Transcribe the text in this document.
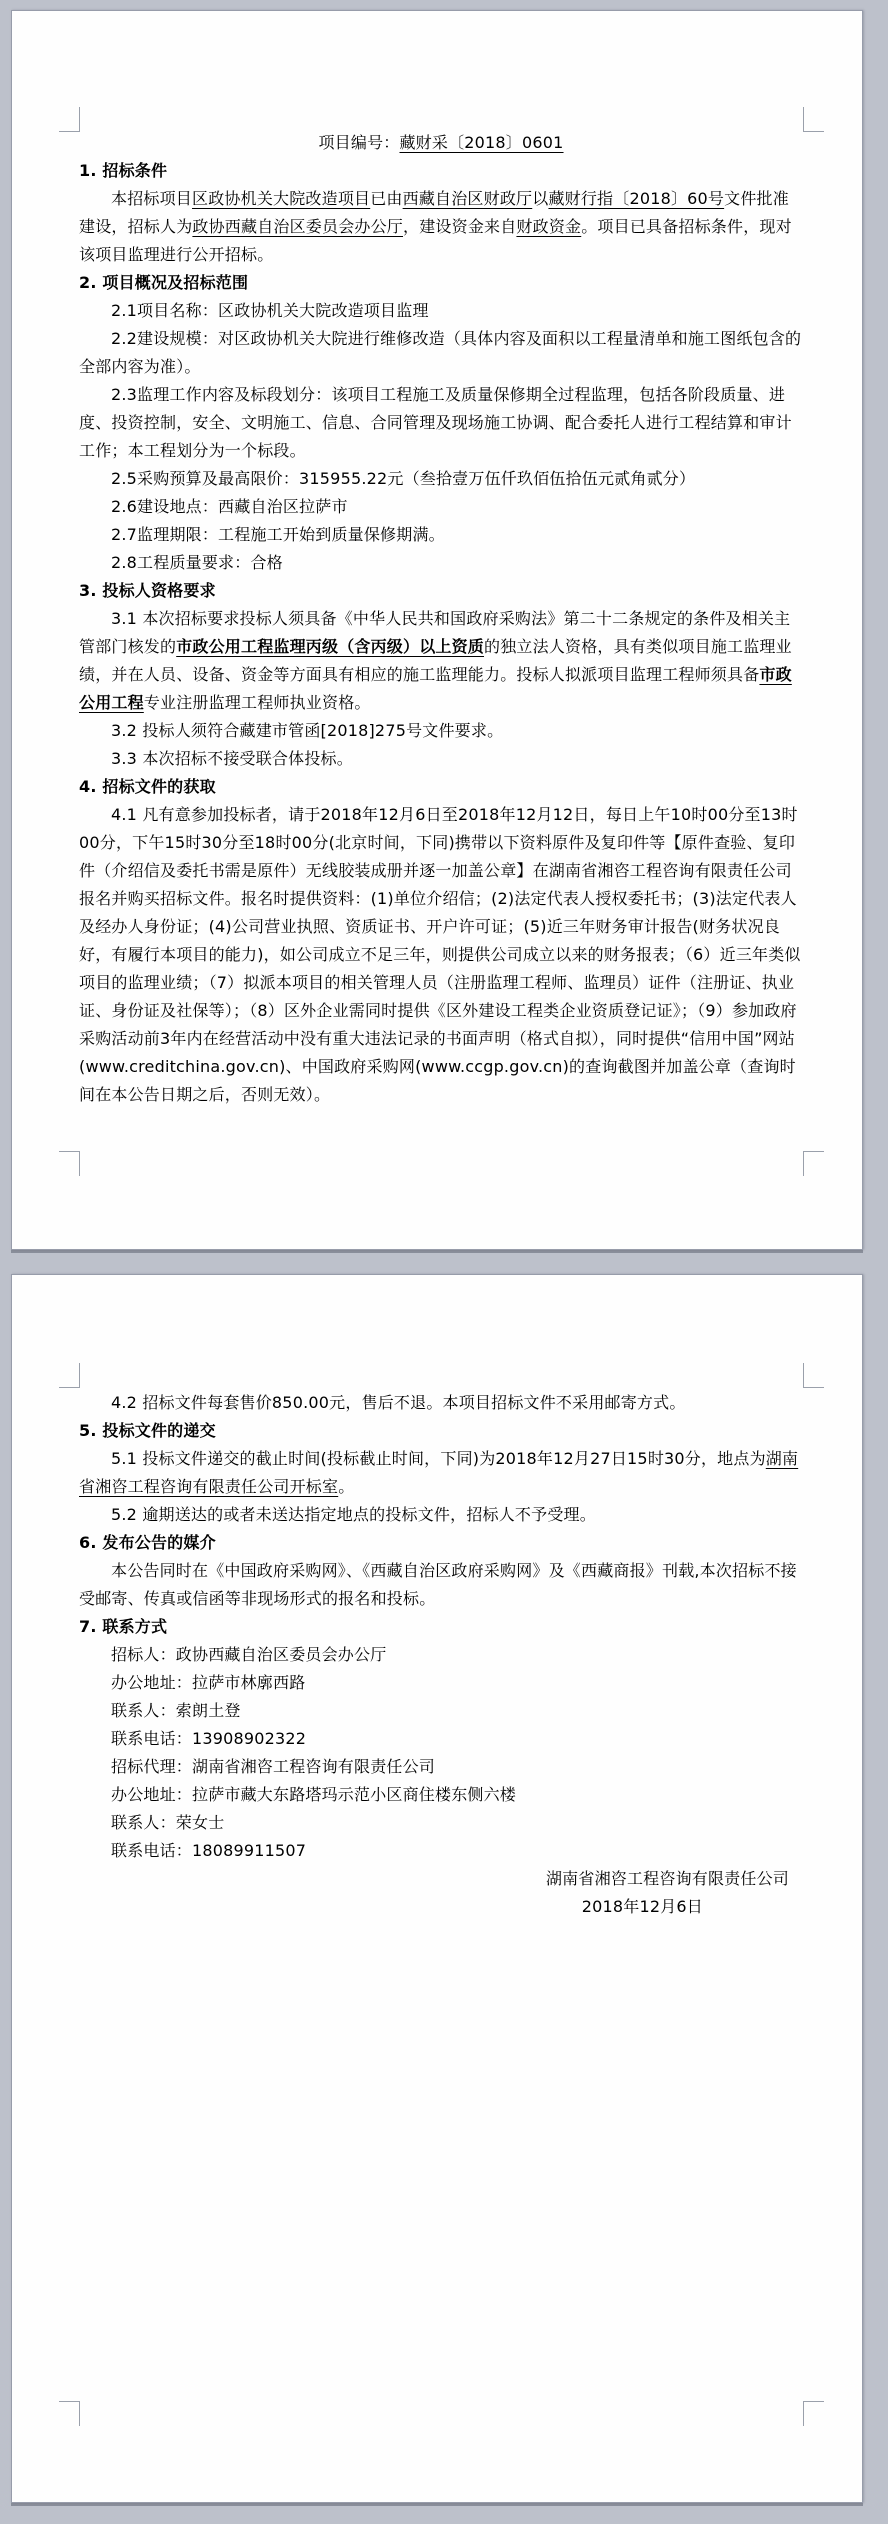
项目编号：藏财采〔2018〕0601
1. 招标条件
本招标项目区政协机关大院改造项目已由西藏自治区财政厅以藏财行指〔2018〕60号文件批准建设，招标人为政协西藏自治区委员会办公厅，建设资金来自财政资金。项目已具备招标条件，现对该项目监理进行公开招标。
2. 项目概况及招标范围
2.1项目名称：区政协机关大院改造项目监理
2.2建设规模：对区政协机关大院进行维修改造（具体内容及面积以工程量清单和施工图纸包含的全部内容为准）。
2.3监理工作内容及标段划分：该项目工程施工及质量保修期全过程监理，包括各阶段质量、进度、投资控制，安全、文明施工、信息、合同管理及现场施工协调、配合委托人进行工程结算和审计工作；本工程划分为一个标段。
2.5采购预算及最高限价：315955.22元（叁拾壹万伍仟玖佰伍拾伍元贰角贰分）
2.6建设地点：西藏自治区拉萨市
2.7监理期限：工程施工开始到质量保修期满。
2.8工程质量要求：合格
3. 投标人资格要求
3.1 本次招标要求投标人须具备《中华人民共和国政府采购法》第二十二条规定的条件及相关主管部门核发的市政公用工程监理丙级（含丙级）以上资质的独立法人资格，具有类似项目施工监理业绩，并在人员、设备、资金等方面具有相应的施工监理能力。投标人拟派项目监理工程师须具备市政公用工程专业注册监理工程师执业资格。
3.2 投标人须符合藏建市管函[2018]275号文件要求。
3.3 本次招标不接受联合体投标。
4. 招标文件的获取
4.1 凡有意参加投标者，请于2018年12月6日至2018年12月12日，每日上午10时00分至13时00分，下午15时30分至18时00分(北京时间，下同)携带以下资料原件及复印件等【原件查验、复印件（介绍信及委托书需是原件）无线胶装成册并逐一加盖公章】在湖南省湘咨工程咨询有限责任公司报名并购买招标文件。报名时提供资料：(1)单位介绍信；(2)法定代表人授权委托书；(3)法定代表人及经办人身份证；(4)公司营业执照、资质证书、开户许可证；(5)近三年财务审计报告(财务状况良好，有履行本项目的能力)，如公司成立不足三年，则提供公司成立以来的财务报表；（6）近三年类似项目的监理业绩；（7）拟派本项目的相关管理人员（注册监理工程师、监理员）证件（注册证、执业证、身份证及社保等）；（8）区外企业需同时提供《区外建设工程类企业资质登记证》；（9）参加政府采购活动前3年内在经营活动中没有重大违法记录的书面声明（格式自拟），同时提供“信用中国”网站(www.creditchina.gov.cn)、中国政府采购网(www.ccgp.gov.cn)的查询截图并加盖公章（查询时间在本公告日期之后，否则无效）。
4.2 招标文件每套售价850.00元，售后不退。本项目招标文件不采用邮寄方式。
5. 投标文件的递交
5.1 投标文件递交的截止时间(投标截止时间，下同)为2018年12月27日15时30分，地点为湖南省湘咨工程咨询有限责任公司开标室。
5.2 逾期送达的或者未送达指定地点的投标文件，招标人不予受理。
6. 发布公告的媒介
本公告同时在《中国政府采购网》、《西藏自治区政府采购网》及《西藏商报》刊载,本次招标不接受邮寄、传真或信函等非现场形式的报名和投标。
7. 联系方式
招标人：政协西藏自治区委员会办公厅
办公地址：拉萨市林廓西路
联系人：索朗土登
联系电话：13908902322
招标代理：湖南省湘咨工程咨询有限责任公司
办公地址：拉萨市藏大东路塔玛示范小区商住楼东侧六楼
联系人：荣女士
联系电话：18089911507
湖南省湘咨工程咨询有限责任公司
2018年12月6日
